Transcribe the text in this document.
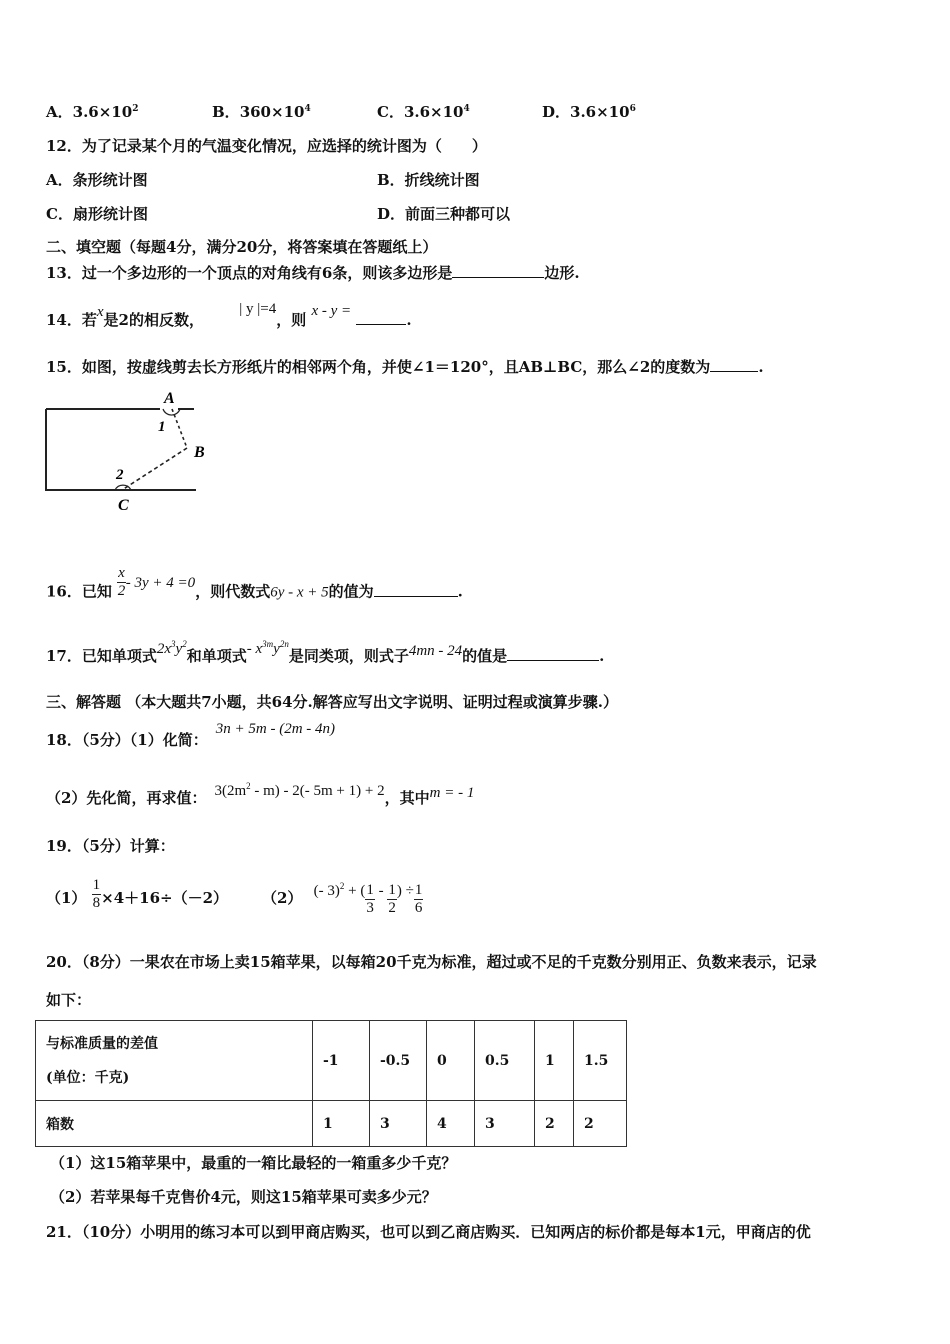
A．$3.6\times 10^2$	B．$360\times 10^4$	C．$3.6\times 10^4$	D．$3.6\times 10^6$
12．为了记录某个月的气温变化情况，应选择的统计图为（　　）
A．条形统计图	B．折线统计图
C．扇形统计图	D．前面三种都可以
二、填空题（每题4分，满分20分，将答案填在答题纸上）
13．过一个多边形的一个顶点的对角线有6条，则该多边形是	边形.
14．若x是2的相反数， | y |=4，则 x - y =	.
15．如图，按虚线剪去长方形纸片的相邻两个角，并使∠1＝120°，且AB⊥BC，那么∠2的度数为	.
A
1
B
2
C
16．已知 $\frac{x}{2} - 3y + 4 =0$，则代数式6y - x + 5的值为	.
17．已知单项式$2x^3y^2$和单项式- $x^{3m}y^{2n}$是同类项，则式子4mn - 24的值是	.
三、解答题 （本大题共7小题，共64分.解答应写出文字说明、证明过程或演算步骤.）
18．（5分）（1）化简：3n + 5m - (2m - 4n)
（2）先化简，再求值： $3(2m^2 - m) - 2(-$ 5m + 1) + 2，其中m = - 1
19．（5分）计算：
$(1) \frac{1}{8} \times 4+16\div(-2)$ （2） (- 3)$^2$ + ( $\frac{1}{3} - \frac{1}{2}$ ) ÷ $\frac{1}{6}$
20．（8分）一果农在市场上卖15箱苹果，以每箱20千克为标准，超过或不足的千克数分别用正、负数来表示，记录
如下：
与标准质量的差值
(单位：千克)	-1	-0.5	0	0.5	1	1.5
箱数	1	3	4	3	2	2
（1）这15箱苹果中，最重的一箱比最轻的一箱重多少千克？
（2）若苹果每千克售价4元，则这15箱苹果可卖多少元？
21．（10分）小明用的练习本可以到甲商店购买，也可以到乙商店购买．已知两店的标价都是每本1元，甲商店的优
